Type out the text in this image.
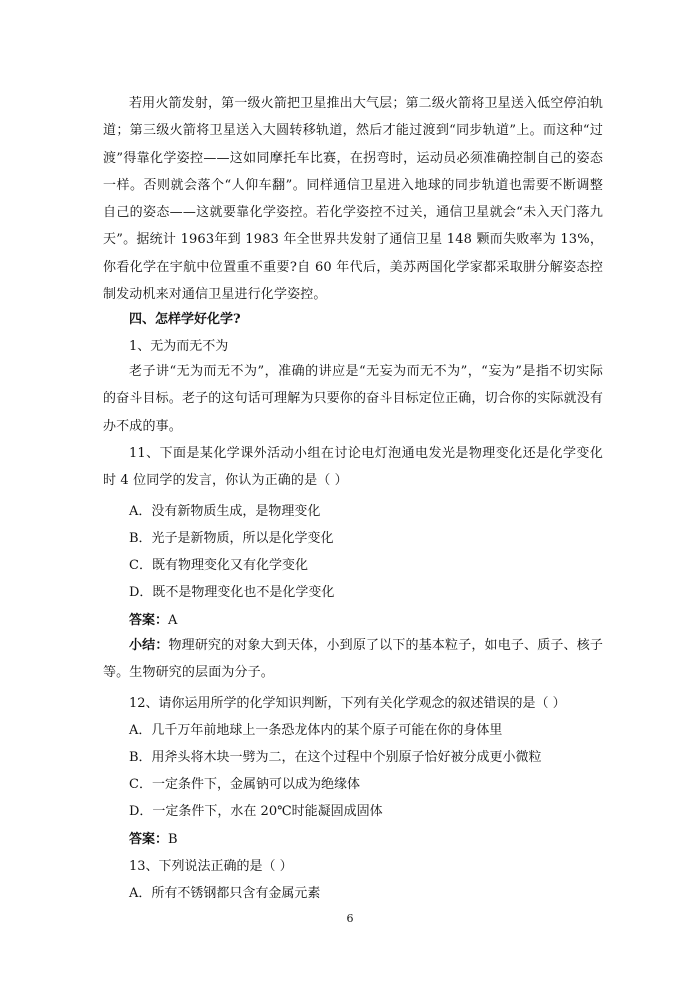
若用火箭发射，第一级火箭把卫星推出大气层；第二级火箭将卫星送入低空停泊轨道；第三级火箭将卫星送入大圆转移轨道，然后才能过渡到“同步轨道”上。而这种“过渡”得靠化学姿控——这如同摩托车比赛，在拐弯时，运动员必须准确控制自己的姿态一样。否则就会落个“人仰车翻”。同样通信卫星进入地球的同步轨道也需要不断调整自己的姿态——这就要靠化学姿控。若化学姿控不过关，通信卫星就会“未入天门落九天”。据统计 1963年到 1983 年全世界共发射了通信卫星 148 颗而失败率为 13%，你看化学在宇航中位置重不重要?自 60 年代后，美苏两国化学家都采取肼分解姿态控制发动机来对通信卫星进行化学姿控。

四、怎样学好化学?

1、无为而无不为

老子讲“无为而无不为”，准确的讲应是“无妄为而无不为”，“妄为”是指不切实际的奋斗目标。老子的这句话可理解为只要你的奋斗目标定位正确，切合你的实际就没有办不成的事。

11、下面是某化学课外活动小组在讨论电灯泡通电发光是物理变化还是化学变化时 4 位同学的发言，你认为正确的是（ ）

A．没有新物质生成，是物理变化

B．光子是新物质，所以是化学变化

C．既有物理变化又有化学变化

D．既不是物理变化也不是化学变化

答案：A

小结：物理研究的对象大到天体，小到原了以下的基本粒子，如电子、质子、核子等。生物研究的层面为分子。

12、请你运用所学的化学知识判断，下列有关化学观念的叙述错误的是（ ）

A．几千万年前地球上一条恐龙体内的某个原子可能在你的身体里

B．用斧头将木块一劈为二，在这个过程中个别原子恰好被分成更小微粒

C．一定条件下，金属钠可以成为绝缘体

D．一定条件下，水在 20℃时能凝固成固体

答案：B

13、下列说法正确的是（ ）

A．所有不锈钢都只含有金属元素

6
